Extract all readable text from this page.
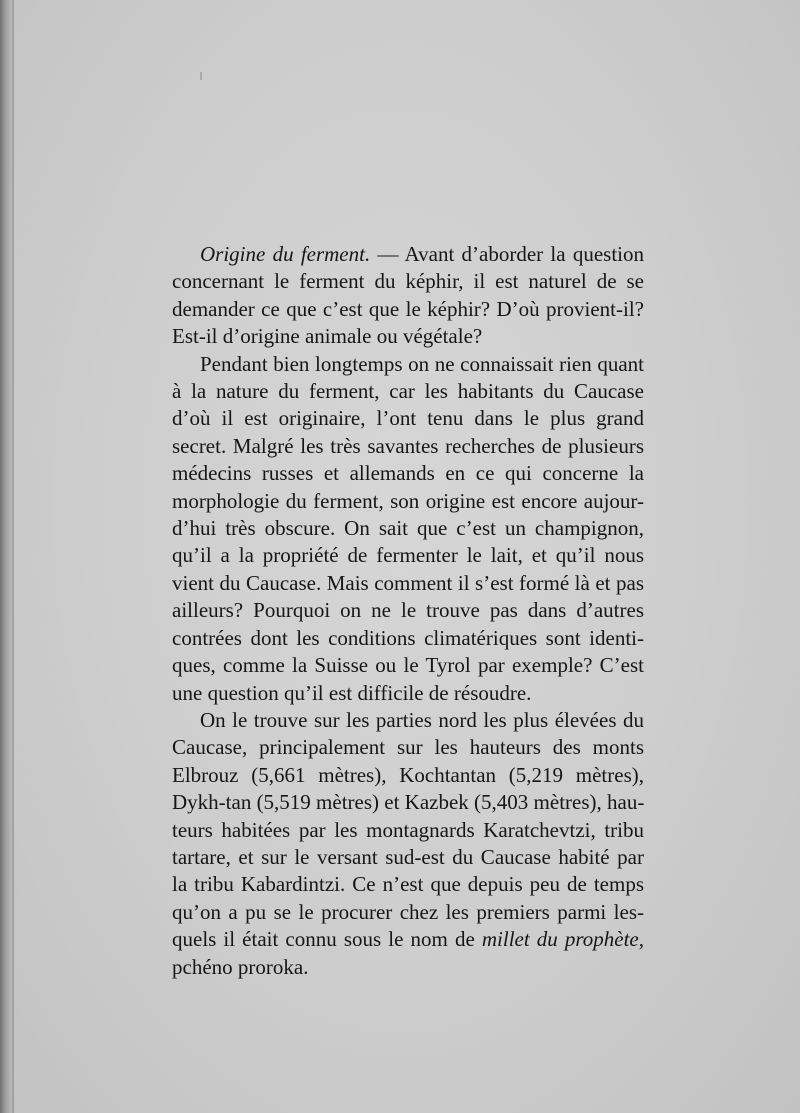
Origine du ferment. — Avant d’aborder la question
concernant le ferment du képhir, il est naturel de se
demander ce que c’est que le képhir? D’où provient-il?
Est-il d’origine animale ou végétale?

Pendant bien longtemps on ne connaissait rien quant
à la nature du ferment, car les habitants du Caucase
d’où il est originaire, l’ont tenu dans le plus grand
secret. Malgré les très savantes recherches de plusieurs
médecins russes et allemands en ce qui concerne la
morphologie du ferment, son origine est encore aujour-
d’hui très obscure. On sait que c’est un champignon,
qu’il a la propriété de fermenter le lait, et qu’il nous
vient du Caucase. Mais comment il s’est formé là et pas
ailleurs? Pourquoi on ne le trouve pas dans d’autres
contrées dont les conditions climatériques sont identi-
ques, comme la Suisse ou le Tyrol par exemple? C’est
une question qu’il est difficile de résoudre.

On le trouve sur les parties nord les plus élevées du
Caucase, principalement sur les hauteurs des monts
Elbrouz (5,661 mètres), Kochtantan (5,219 mètres),
Dykh-tan (5,519 mètres) et Kazbek (5,403 mètres), hau-
teurs habitées par les montagnards Karatchevtzi, tribu
tartare, et sur le versant sud-est du Caucase habité par
la tribu Kabardintzi. Ce n’est que depuis peu de temps
qu’on a pu se le procurer chez les premiers parmi les-
quels il était connu sous le nom de millet du prophète,
pchéno proroka.
